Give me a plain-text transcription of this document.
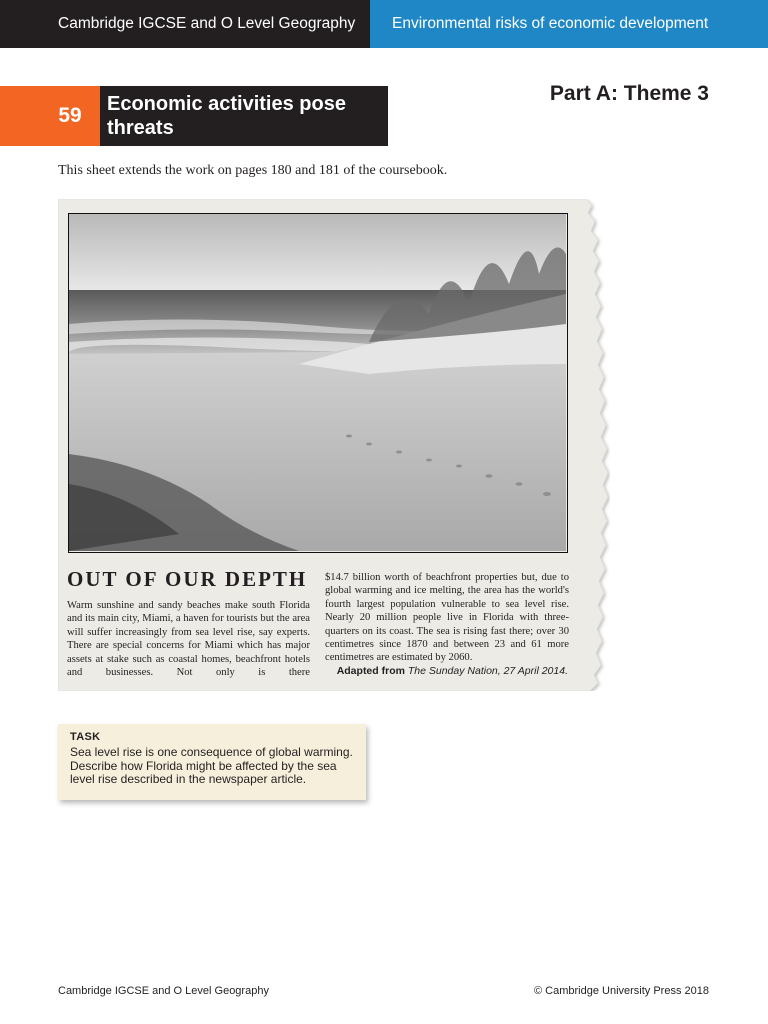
Cambridge IGCSE and O Level Geography	Environmental risks of economic development
59	Economic activities pose
threats
Part A: Theme 3
This sheet extends the work on pages 180 and 181 of the coursebook.
OUT OF OUR DEPTH
Warm sunshine and sandy beaches make south Florida and its main city, Miami, a haven for tourists but the area will suffer increasingly from sea level rise, say experts. There are special concerns for Miami which has major assets at stake such as coastal homes, beachfront hotels and businesses. Not only is there
$14.7 billion worth of beachfront properties but, due to global warming and ice melting, the area has the world's fourth largest population vulnerable to sea level rise. Nearly 20 million people live in Florida with three-quarters on its coast. The sea is rising fast there; over 30 centimetres since 1870 and between 23 and 61 more centimetres are estimated by 2060.
Adapted from The Sunday Nation, 27 April 2014.
TASK
Sea level rise is one consequence of global warming. Describe how Florida might be affected by the sea level rise described in the newspaper article.
Cambridge IGCSE and O Level Geography	© Cambridge University Press 2018
